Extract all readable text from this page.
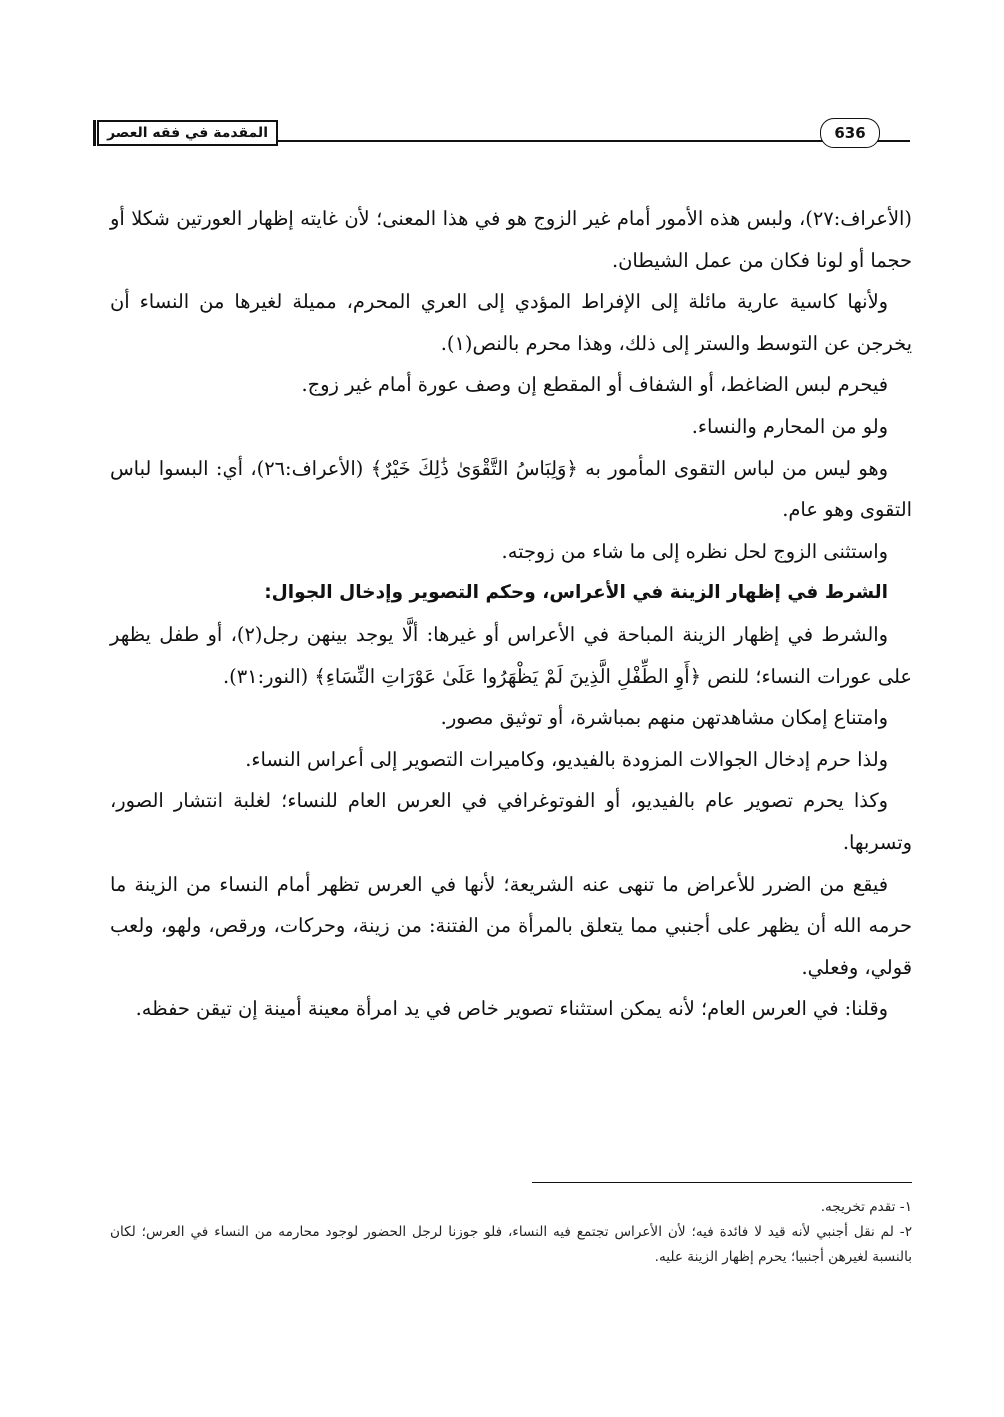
المقدمة في فقه العصر	636

(الأعراف:٢٧)، ولبس هذه الأمور أمام غير الزوج هو في هذا المعنى؛ لأن غايته إظهار العورتين شكلا أو حجما أو لونا فكان من عمل الشيطان.

ولأنها كاسية عارية مائلة إلى الإفراط المؤدي إلى العري المحرم، مميلة لغيرها من النساء أن يخرجن عن التوسط والستر إلى ذلك، وهذا محرم بالنص(١).

فيحرم لبس الضاغط، أو الشفاف أو المقطع إن وصف عورة أمام غير زوج.

ولو من المحارم والنساء.

وهو ليس من لباس التقوى المأمور به ﴿وَلِبَاسُ التَّقْوَىٰ ذَٰلِكَ خَيْرٌ﴾ (الأعراف:٢٦)، أي: البسوا لباس التقوى وهو عام.

واستثنى الزوج لحل نظره إلى ما شاء من زوجته.

الشرط في إظهار الزينة في الأعراس، وحكم التصوير وإدخال الجوال:

والشرط في إظهار الزينة المباحة في الأعراس أو غيرها: ألَّا يوجد بينهن رجل(٢)، أو طفل يظهر على عورات النساء؛ للنص ﴿أَوِ الطِّفْلِ الَّذِينَ لَمْ يَظْهَرُوا عَلَىٰ عَوْرَاتِ النِّسَاءِ﴾ (النور:٣١).

وامتناع إمكان مشاهدتهن منهم بمباشرة، أو توثيق مصور.

ولذا حرم إدخال الجوالات المزودة بالفيديو، وكاميرات التصوير إلى أعراس النساء.

وكذا يحرم تصوير عام بالفيديو، أو الفوتوغرافي في العرس العام للنساء؛ لغلبة انتشار الصور، وتسربها.

فيقع من الضرر للأعراض ما تنهى عنه الشريعة؛ لأنها في العرس تظهر أمام النساء من الزينة ما حرمه الله أن يظهر على أجنبي مما يتعلق بالمرأة من الفتنة: من زينة، وحركات، ورقص، ولهو، ولعب قولي، وفعلي.

وقلنا: في العرس العام؛ لأنه يمكن استثناء تصوير خاص في يد امرأة معينة أمينة إن تيقن حفظه.

١- تقدم تخريجه.

٢- لم نقل أجنبي لأنه قيد لا فائدة فيه؛ لأن الأعراس تجتمع فيه النساء، فلو جوزنا لرجل الحضور لوجود محارمه من النساء في العرس؛ لكان بالنسبة لغيرهن أجنبيا؛ يحرم إظهار الزينة عليه.
